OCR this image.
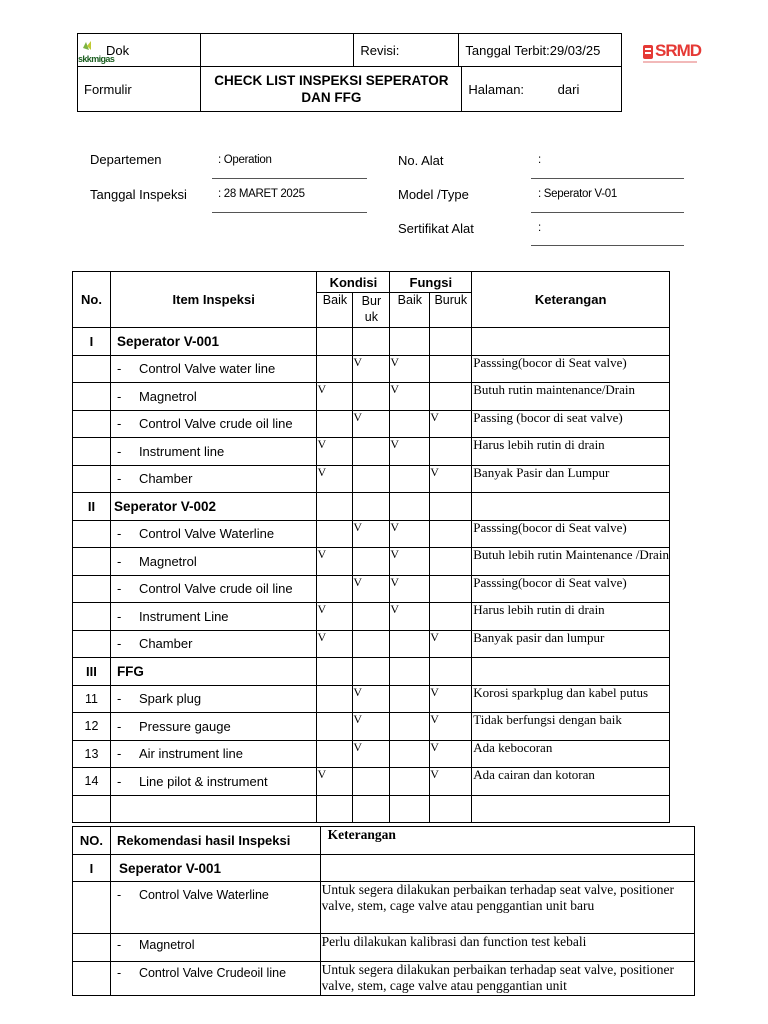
skkmigas	SRMD
Dok		Revisi:	Tanggal Terbit:29/03/25	
Formulir	CHECK LIST INSPEKSI SEPERATOR DAN FFG			Halaman: dari
Departemen	: Operation
Tanggal Inspeksi	: 28 MARET 2025
No. Alat	:
Model /Type	: Seperator V-01
Sertifikat Alat	:
No.	Item Inspeksi	Kondisi		Fungsi		Keterangan
		Baik	Bur uk	Baik	Buruk	
I	Seperator V-001					
	- Control Valve water line		V	V		Passsing(bocor di Seat valve)
	- Magnetrol	V		V		Butuh rutin maintenance/Drain
	- Control Valve crude oil line		V		V	Passing (bocor di seat valve)
	- Instrument line	V		V		Harus lebih rutin di drain
	- Chamber	V			V	Banyak Pasir dan Lumpur
II	Seperator V-002					
	- Control Valve Waterline		V	V		Passsing(bocor di Seat valve)
	- Magnetrol	V		V		Butuh lebih rutin Maintenance /Drain
	- Control Valve crude oil line		V	V		Passsing(bocor di Seat valve)
	- Instrument Line	V		V		Harus lebih rutin di drain
	- Chamber	V			V	Banyak pasir dan lumpur
III	FFG					
11	- Spark plug		V		V	Korosi sparkplug dan kabel putus
12	- Pressure gauge		V		V	Tidak berfungsi dengan baik
13	- Air instrument line		V		V	Ada kebocoran
14	- Line pilot & instrument	V			V	Ada cairan dan kotoran

NO.	Rekomendasi hasil Inspeksi	Keterangan
I	Seperator V-001	
	- Control Valve Waterline	Untuk segera dilakukan perbaikan terhadap seat valve, positioner valve, stem, cage valve atau penggantian unit baru
	- Magnetrol	Perlu dilakukan kalibrasi dan function test kebali
	- Control Valve Crudeoil line	Untuk segera dilakukan perbaikan terhadap seat valve, positioner valve, stem, cage valve atau penggantian unit
